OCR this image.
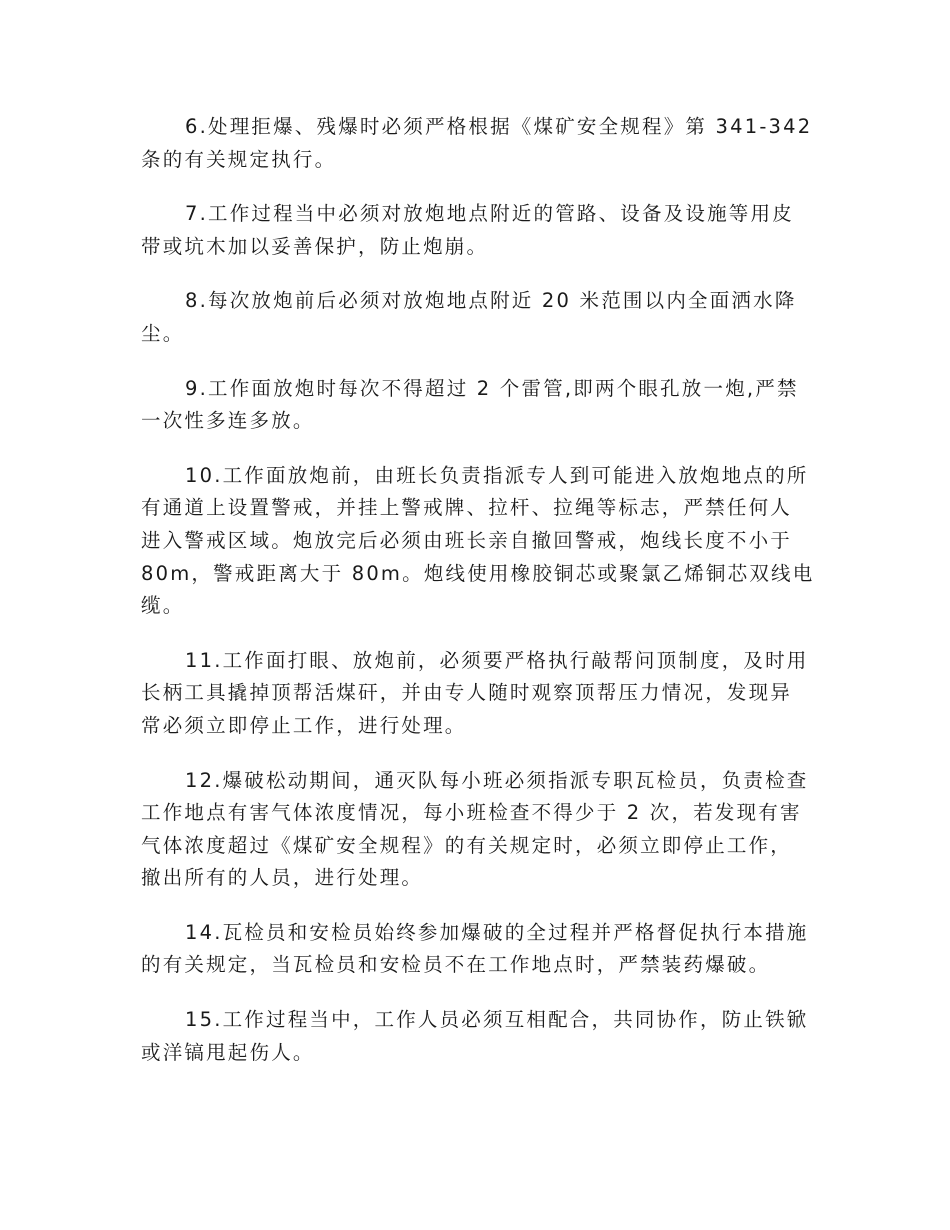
6.处理拒爆、残爆时必须严格根据《煤矿安全规程》第 341-342
条的有关规定执行。

7.工作过程当中必须对放炮地点附近的管路、设备及设施等用皮
带或坑木加以妥善保护，防止炮崩。

8.每次放炮前后必须对放炮地点附近 20 米范围以内全面洒水降
尘。

9.工作面放炮时每次不得超过 2 个雷管,即两个眼孔放一炮,严禁
一次性多连多放。

10.工作面放炮前，由班长负责指派专人到可能进入放炮地点的所
有通道上设置警戒，并挂上警戒牌、拉杆、拉绳等标志，严禁任何人
进入警戒区域。炮放完后必须由班长亲自撤回警戒，炮线长度不小于
80m，警戒距离大于 80m。炮线使用橡胶铜芯或聚氯乙烯铜芯双线电
缆。

11.工作面打眼、放炮前，必须要严格执行敲帮问顶制度，及时用
长柄工具撬掉顶帮活煤矸，并由专人随时观察顶帮压力情况，发现异
常必须立即停止工作，进行处理。

12.爆破松动期间，通灭队每小班必须指派专职瓦检员，负责检查
工作地点有害气体浓度情况，每小班检查不得少于 2 次，若发现有害
气体浓度超过《煤矿安全规程》的有关规定时，必须立即停止工作，
撤出所有的人员，进行处理。

14.瓦检员和安检员始终参加爆破的全过程并严格督促执行本措施
的有关规定，当瓦检员和安检员不在工作地点时，严禁装药爆破。

15.工作过程当中，工作人员必须互相配合，共同协作，防止铁锨
或洋镐甩起伤人。
